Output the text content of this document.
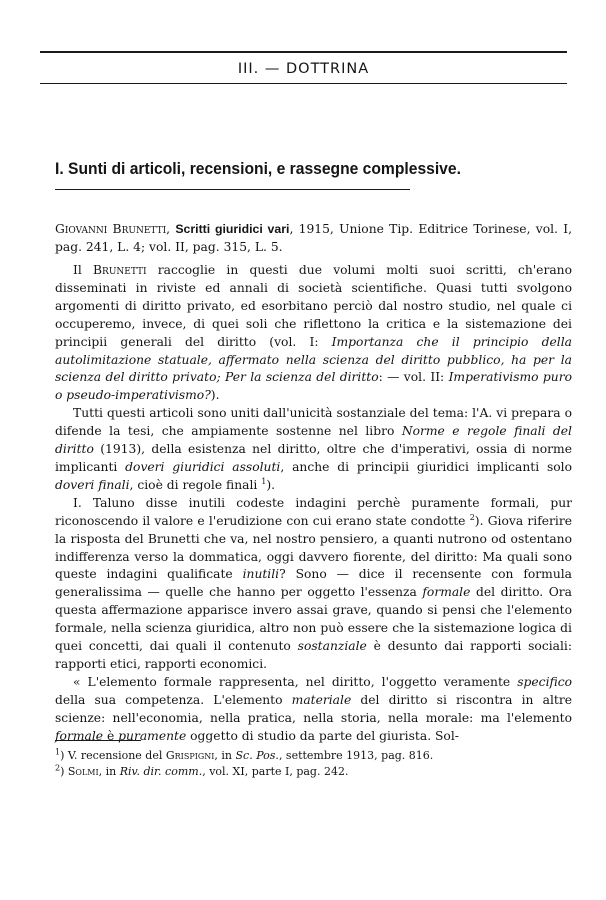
III. — DOTTRINA
I. Sunti di articoli, recensioni, e rassegne complessive.

Giovanni Brunetti, Scritti giuridici vari, 1915, Unione Tip. Editrice Torinese, vol. I, pag. 241, L. 4; vol. II, pag. 315, L. 5.

Il Brunetti raccoglie in questi due volumi molti suoi scritti, ch'erano disseminati in riviste ed annali di società scientifiche. Quasi tutti svolgono argomenti di diritto privato, ed esorbitano perciò dal nostro studio, nel quale ci occuperemo, invece, di quei soli che riflettono la critica e la sistemazione dei principii generali del diritto (vol. I: Importanza che il principio della autolimitazione statuale, affermato nella scienza del diritto pubblico, ha per la scienza del diritto privato; Per la scienza del diritto: — vol. II: Imperativismo puro o pseudo-imperativismo?).

Tutti questi articoli sono uniti dall'unicità sostanziale del tema: l'A. vi prepara o difende la tesi, che ampiamente sostenne nel libro Norme e regole finali del diritto (1913), della esistenza nel diritto, oltre che d'imperativi, ossia di norme implicanti doveri giuridici assoluti, anche di principii giuridici implicanti solo doveri finali, cioè di regole finali $^1$).

I. Taluno disse inutili codeste indagini perchè puramente formali, pur riconoscendo il valore e l'erudizione con cui erano state condotte $^2$). Giova riferire la risposta del Brunetti che va, nel nostro pensiero, a quanti nutrono od ostentano indifferenza verso la dommatica, oggi davvero fiorente, del diritto: Ma quali sono queste indagini qualificate inutili? Sono — dice il recensente con formula generalissima — quelle che hanno per oggetto l'essenza formale del diritto. Ora questa affermazione apparisce invero assai grave, quando si pensi che l'elemento formale, nella scienza giuridica, altro non può essere che la sistemazione logica di quei concetti, dai quali il contenuto sostanziale è desunto dai rapporti sociali: rapporti etici, rapporti economici.

« L'elemento formale rappresenta, nel diritto, l'oggetto veramente specifico della sua competenza. L'elemento materiale del diritto si riscontra in altre scienze: nell'economia, nella pratica, nella storia, nella morale: ma l'elemento formale è puramente oggetto di studio da parte del giurista. Sol-

$^1$) V. recensione del Grispigni, in Sc. Pos., settembre 1913, pag. 816.

$^2$) Solmi, in Riv. dir. comm., vol. XI, parte I, pag. 242.
